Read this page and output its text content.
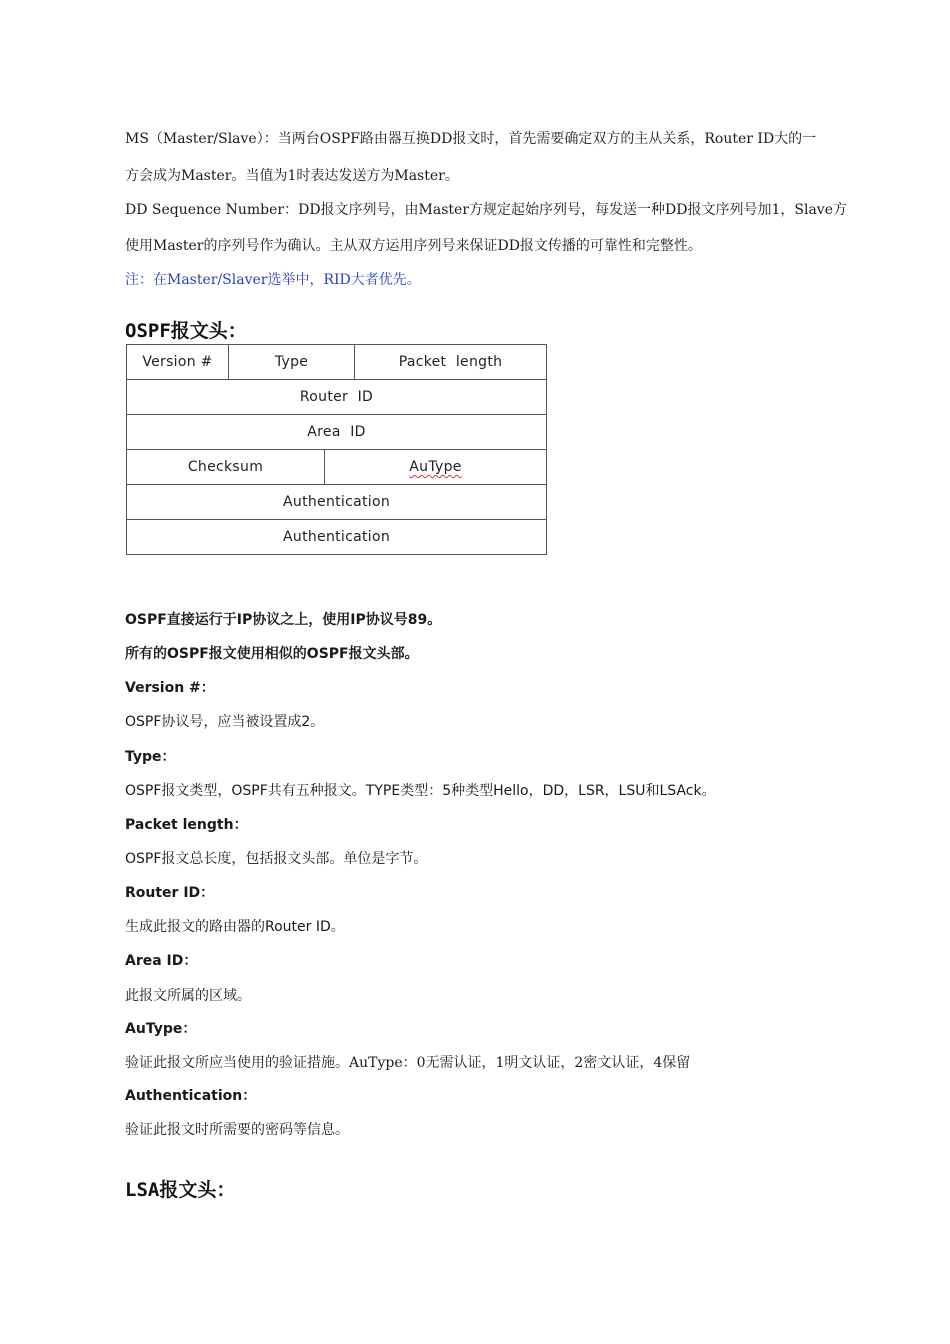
MS（Master/Slave）：当两台OSPF路由器互换DD报文时，首先需要确定双方的主从关系，Router ID大的一
方会成为Master。当值为1时表达发送方为Master。
DD Sequence Number：DD报文序列号，由Master方规定起始序列号，每发送一种DD报文序列号加1，Slave方
使用Master的序列号作为确认。主从双方运用序列号来保证DD报文传播的可靠性和完整性。
注：在Master/Slaver选举中，RID大者优先。
OSPF报文头：
Version #	Type		Packet  length
Router  ID			
Area  ID			
Checksum		AuType	
Authentication			
Authentication			
OSPF直接运行于IP协议之上，使用IP协议号89。
所有的OSPF报文使用相似的OSPF报文头部。
Version #：
OSPF协议号，应当被设置成2。
Type：
OSPF报文类型，OSPF共有五种报文。TYPE类型：5种类型Hello，DD，LSR，LSU和LSAck。
Packet length：
OSPF报文总长度，包括报文头部。单位是字节。
Router ID：
生成此报文的路由器的Router ID。
Area ID：
此报文所属的区域。
AuType：
验证此报文所应当使用的验证措施。AuType：0无需认证，1明文认证，2密文认证，4保留
Authentication：
验证此报文时所需要的密码等信息。
LSA报文头：
